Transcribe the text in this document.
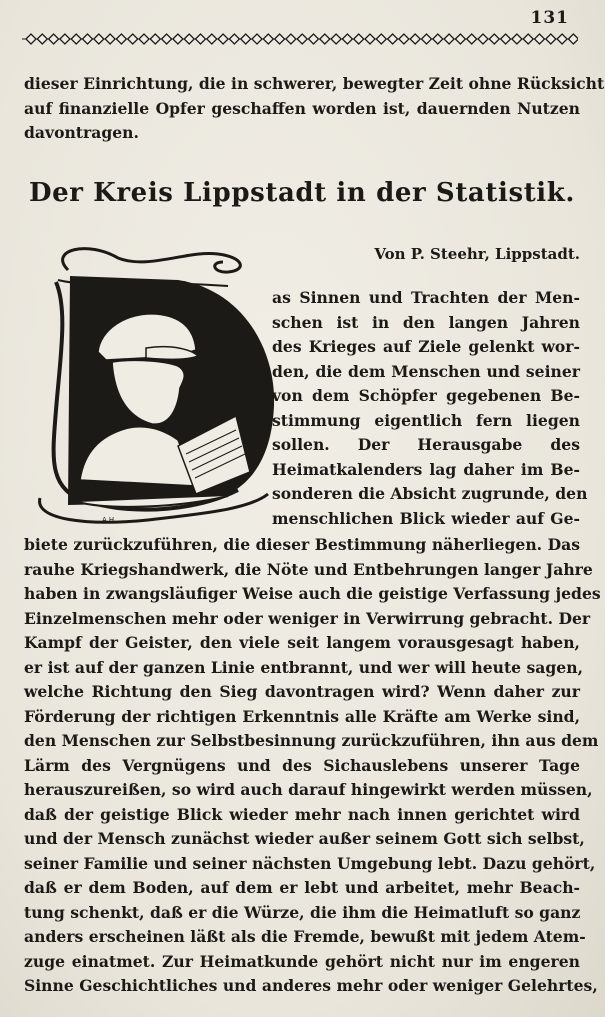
131
dieser Einrichtung, die in schwerer, bewegter Zeit ohne Rücksicht
auf finanzielle Opfer geschaffen worden ist, dauernden Nutzen
davontragen.
Der Kreis Lippstadt in der Statistik.
Von P. Steehr, Lippstadt.
A.H.
as Sinnen und Trachten der Men-
schen ist in den langen Jahren
des Krieges auf Ziele gelenkt wor-
den, die dem Menschen und seiner
von dem Schöpfer gegebenen Be-
stimmung eigentlich fern liegen
sollen. Der Herausgabe des
Heimatkalenders lag daher im Be-
sonderen die Absicht zugrunde, den
menschlichen Blick wieder auf Ge-
biete zurückzuführen, die dieser Bestimmung näherliegen. Das
rauhe Kriegshandwerk, die Nöte und Entbehrungen langer Jahre
haben in zwangsläufiger Weise auch die geistige Verfassung jedes
Einzelmenschen mehr oder weniger in Verwirrung gebracht. Der
Kampf der Geister, den viele seit langem vorausgesagt haben,
er ist auf der ganzen Linie entbrannt, und wer will heute sagen,
welche Richtung den Sieg davontragen wird? Wenn daher zur
Förderung der richtigen Erkenntnis alle Kräfte am Werke sind,
den Menschen zur Selbstbesinnung zurückzuführen, ihn aus dem
Lärm des Vergnügens und des Sichauslebens unserer Tage
herauszureißen, so wird auch darauf hingewirkt werden müssen,
daß der geistige Blick wieder mehr nach innen gerichtet wird
und der Mensch zunächst wieder außer seinem Gott sich selbst,
seiner Familie und seiner nächsten Umgebung lebt. Dazu gehört,
daß er dem Boden, auf dem er lebt und arbeitet, mehr Beach-
tung schenkt, daß er die Würze, die ihm die Heimatluft so ganz
anders erscheinen läßt als die Fremde, bewußt mit jedem Atem-
zuge einatmet. Zur Heimatkunde gehört nicht nur im engeren
Sinne Geschichtliches und anderes mehr oder weniger Gelehrtes,
